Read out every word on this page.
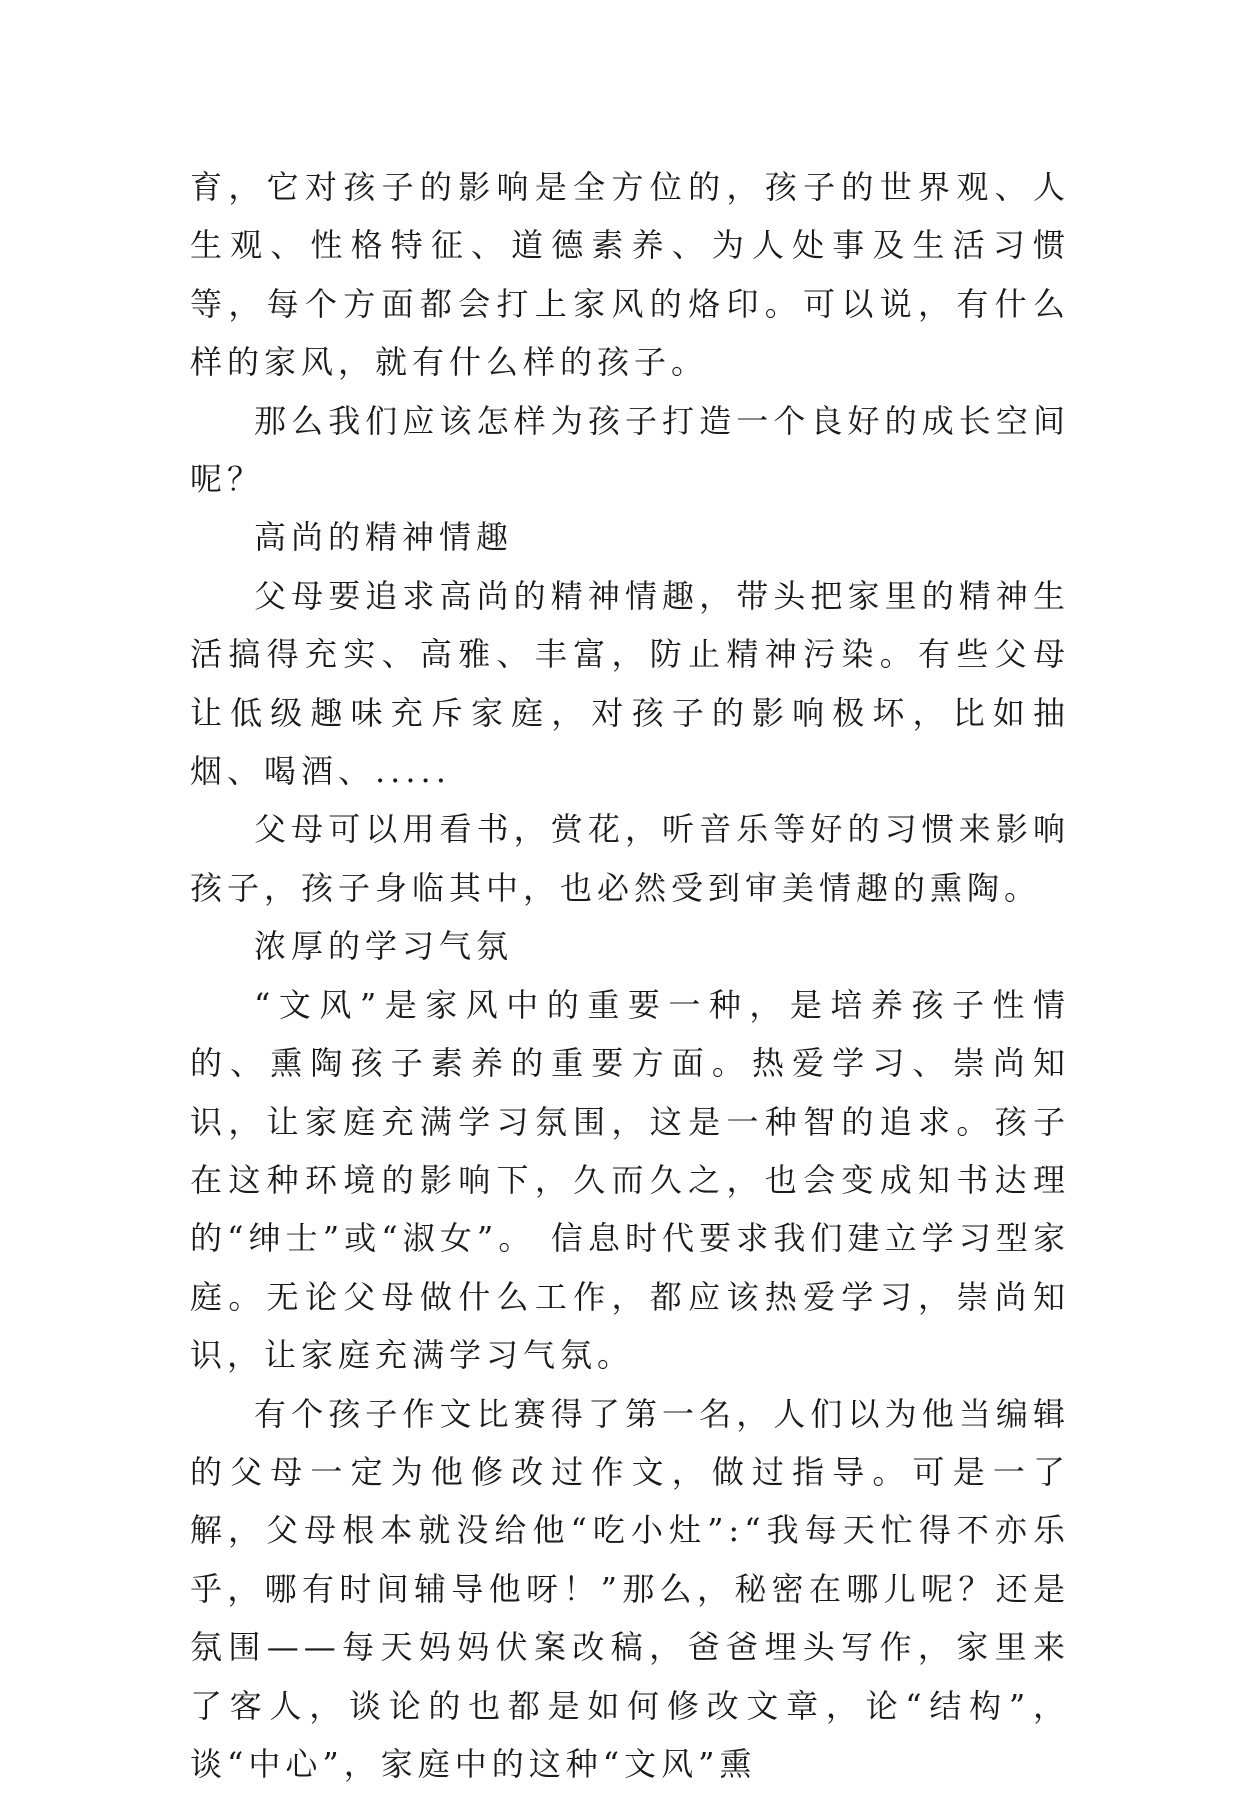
育，它对孩子的影响是全方位的，孩子的世界观、人生观、性格特征、道德素养、为人处事及生活习惯等，每个方面都会打上家风的烙印。可以说，有什么样的家风，就有什么样的孩子。

那么我们应该怎样为孩子打造一个良好的成长空间呢？

高尚的精神情趣

父母要追求高尚的精神情趣，带头把家里的精神生活搞得充实、高雅、丰富，防止精神污染。有些父母让低级趣味充斥家庭，对孩子的影响极坏，比如抽烟、喝酒、.....

父母可以用看书，赏花，听音乐等好的习惯来影响孩子，孩子身临其中，也必然受到审美情趣的熏陶。

浓厚的学习气氛

“文风”是家风中的重要一种，是培养孩子性情的、熏陶孩子素养的重要方面。热爱学习、崇尚知识，让家庭充满学习氛围，这是一种智的追求。孩子在这种环境的影响下，久而久之，也会变成知书达理的“绅士”或“淑女”。 信息时代要求我们建立学习型家庭。无论父母做什么工作，都应该热爱学习，崇尚知识，让家庭充满学习气氛。

有个孩子作文比赛得了第一名，人们以为他当编辑的父母一定为他修改过作文，做过指导。可是一了解，父母根本就没给他“吃小灶”:“我每天忙得不亦乐乎，哪有时间辅导他呀！”那么，秘密在哪儿呢？还是氛围——每天妈妈伏案改稿，爸爸埋头写作，家里来了客人，谈论的也都是如何修改文章，论“结构”，谈“中心”，家庭中的这种“文风”熏
